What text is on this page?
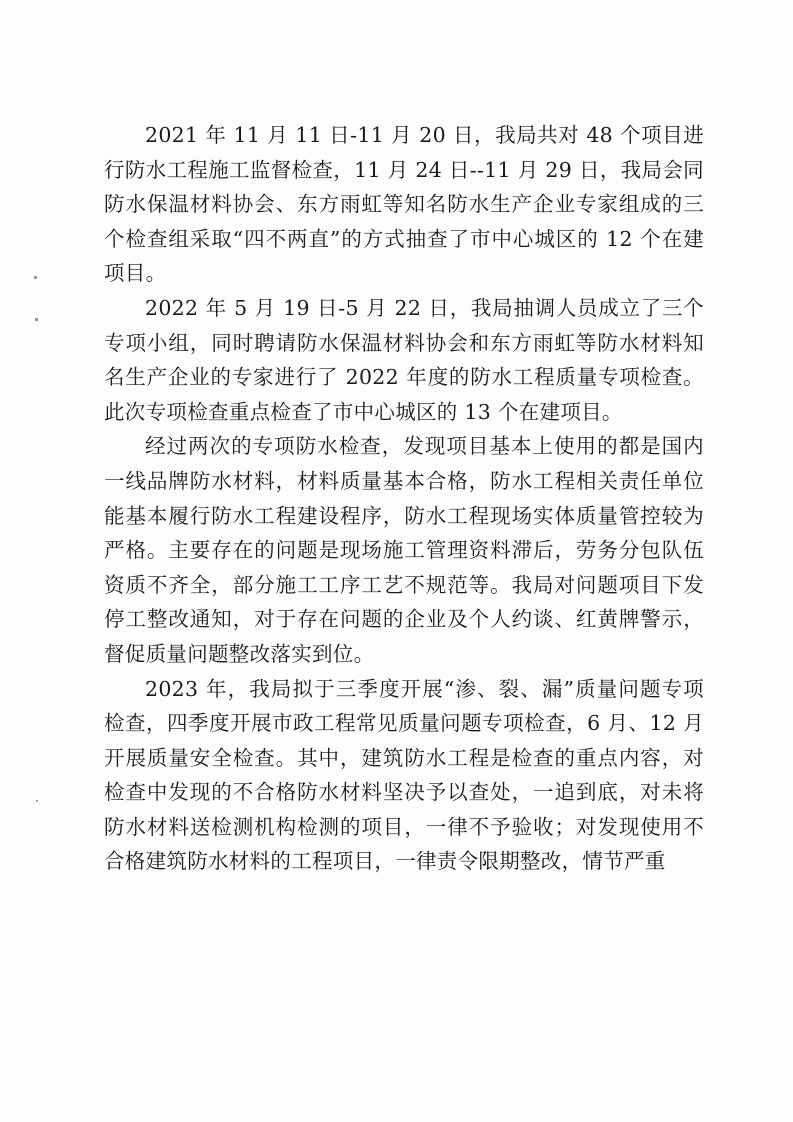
2021 年 11 月 11 日-11 月 20 日，我局共对 48 个项目进行防水工程施工监督检查，11 月 24 日--11 月 29 日，我局会同防水保温材料协会、东方雨虹等知名防水生产企业专家组成的三个检查组采取“四不两直”的方式抽查了市中心城区的 12 个在建项目。

2022 年 5 月 19 日-5 月 22 日，我局抽调人员成立了三个专项小组，同时聘请防水保温材料协会和东方雨虹等防水材料知名生产企业的专家进行了 2022 年度的防水工程质量专项检查。此次专项检查重点检查了市中心城区的 13 个在建项目。

经过两次的专项防水检查，发现项目基本上使用的都是国内一线品牌防水材料，材料质量基本合格，防水工程相关责任单位能基本履行防水工程建设程序，防水工程现场实体质量管控较为严格。主要存在的问题是现场施工管理资料滞后，劳务分包队伍资质不齐全，部分施工工序工艺不规范等。我局对问题项目下发停工整改通知，对于存在问题的企业及个人约谈、红黄牌警示，督促质量问题整改落实到位。

2023 年，我局拟于三季度开展“渗、裂、漏”质量问题专项检查，四季度开展市政工程常见质量问题专项检查，6 月、12 月开展质量安全检查。其中，建筑防水工程是检查的重点内容，对检查中发现的不合格防水材料坚决予以查处，一追到底，对未将防水材料送检测机构检测的项目，一律不予验收；对发现使用不合格建筑防水材料的工程项目，一律责令限期整改，情节严重
